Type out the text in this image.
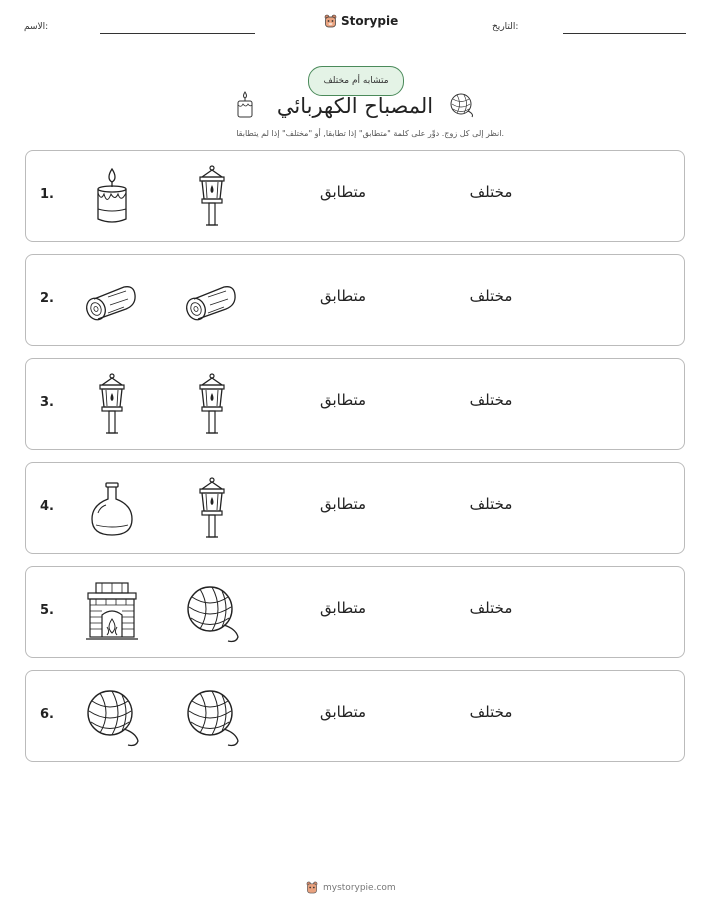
الاسم:	Storypie	التاريخ:
متشابه أم مختلف
المصباح الكهربائي
انظر إلى كل زوج. دوِّر على كلمة "متطابق" إذا تطابقا, أو "مختلف" إذا لم يتطابقا.
1.	متطابق	مختلف
2.	متطابق	مختلف
3.	متطابق	مختلف
4.	متطابق	مختلف
5.	متطابق	مختلف
6.	متطابق	مختلف
mystorypie.com
